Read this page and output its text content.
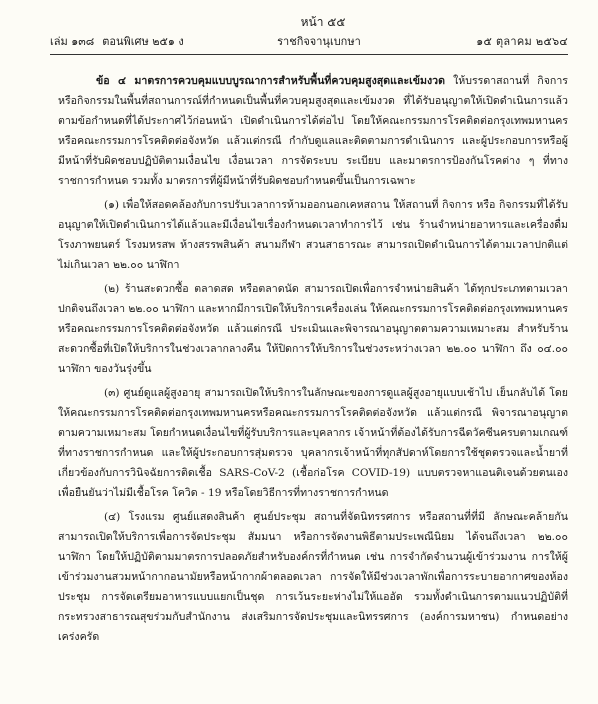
หน้า ๕๕
เล่ม ๑๓๘ ตอนพิเศษ ๒๕๑ ง	ราชกิจจานุเบกษา	๑๕ ตุลาคม ๒๕๖๔

ข้อ ๔ มาตรการควบคุมแบบบูรณาการสำหรับพื้นที่ควบคุมสูงสุดและเข้มงวด ให้บรรดาสถานที่ กิจการ หรือกิจกรรมในพื้นที่สถานการณ์ที่กำหนดเป็นพื้นที่ควบคุมสูงสุดและเข้มงวด ที่ได้รับอนุญาตให้เปิดดำเนินการแล้วตามข้อกำหนดที่ได้ประกาศไว้ก่อนหน้า เปิดดำเนินการได้ต่อไป โดยให้คณะกรรมการโรคติดต่อกรุงเทพมหานครหรือคณะกรรมการโรคติดต่อจังหวัด แล้วแต่กรณี กำกับดูแลและติดตามการดำเนินการ และผู้ประกอบการหรือผู้มีหน้าที่รับผิดชอบปฏิบัติตามเงื่อนไข เงื่อนเวลา การจัดระบบ ระเบียบ และมาตรการป้องกันโรคต่าง ๆ ที่ทางราชการกำหนด รวมทั้ง มาตรการที่ผู้มีหน้าที่รับผิดชอบกำหนดขึ้นเป็นการเฉพาะ

(๑) เพื่อให้สอดคล้องกับการปรับเวลาการห้ามออกนอกเคหสถาน ให้สถานที่ กิจการ หรือ กิจกรรมที่ได้รับอนุญาตให้เปิดดำเนินการได้แล้วและมีเงื่อนไขเรื่องกำหนดเวลาทำการไว้ เช่น ร้านจำหน่ายอาหารและเครื่องดื่ม โรงภาพยนตร์ โรงมหรสพ ห้างสรรพสินค้า สนามกีฬา สวนสาธารณะ สามารถเปิดดำเนินการได้ตามเวลาปกติแต่ไม่เกินเวลา ๒๒.๐๐ นาฬิกา

(๒) ร้านสะดวกซื้อ ตลาดสด หรือตลาดนัด สามารถเปิดเพื่อการจำหน่ายสินค้า ได้ทุกประเภทตามเวลาปกติจนถึงเวลา ๒๒.๐๐ นาฬิกา และหากมีการเปิดให้บริการเครื่องเล่น ให้คณะกรรมการโรคติดต่อกรุงเทพมหานครหรือคณะกรรมการโรคติดต่อจังหวัด แล้วแต่กรณี ประเมินและพิจารณาอนุญาตตามความเหมาะสม สำหรับร้านสะดวกซื้อที่เปิดให้บริการในช่วงเวลากลางคืน ให้ปิดการให้บริการในช่วงระหว่างเวลา ๒๒.๐๐ นาฬิกา ถึง ๐๔.๐๐ นาฬิกา ของวันรุ่งขึ้น

(๓) ศูนย์ดูแลผู้สูงอายุ สามารถเปิดให้บริการในลักษณะของการดูแลผู้สูงอายุแบบเช้าไป เย็นกลับได้ โดยให้คณะกรรมการโรคติดต่อกรุงเทพมหานครหรือคณะกรรมการโรคติดต่อจังหวัด แล้วแต่กรณี พิจารณาอนุญาตตามความเหมาะสม โดยกำหนดเงื่อนไขที่ผู้รับบริการและบุคลากร เจ้าหน้าที่ต้องได้รับการฉีดวัคซีนครบตามเกณฑ์ที่ทางราชการกำหนด และให้ผู้ประกอบการสุ่มตรวจ บุคลากรเจ้าหน้าที่ทุกสัปดาห์โดยการใช้ชุดตรวจและน้ำยาที่เกี่ยวข้องกับการวินิจฉัยการติดเชื้อ SARS-CoV-2 (เชื้อก่อโรค COVID-19) แบบตรวจหาแอนติเจนด้วยตนเอง เพื่อยืนยันว่าไม่มีเชื้อโรค โควิด - 19 หรือโดยวิธีการที่ทางราชการกำหนด

(๔) โรงแรม ศูนย์แสดงสินค้า ศูนย์ประชุม สถานที่จัดนิทรรศการ หรือสถานที่ที่มี ลักษณะคล้ายกัน สามารถเปิดให้บริการเพื่อการจัดประชุม สัมมนา หรือการจัดงานพิธีตามประเพณีนิยม ได้จนถึงเวลา ๒๒.๐๐ นาฬิกา โดยให้ปฏิบัติตามมาตรการปลอดภัยสำหรับองค์กรที่กำหนด เช่น การจำกัดจำนวนผู้เข้าร่วมงาน การให้ผู้เข้าร่วมงานสวมหน้ากากอนามัยหรือหน้ากากผ้าตลอดเวลา การจัดให้มีช่วงเวลาพักเพื่อการระบายอากาศของห้องประชุม การจัดเตรียมอาหารแบบแยกเป็นชุด การเว้นระยะห่างไม่ให้แออัด รวมทั้งดำเนินการตามแนวปฏิบัติที่กระทรวงสาธารณสุขร่วมกับสำนักงาน ส่งเสริมการจัดประชุมและนิทรรศการ (องค์การมหาชน) กำหนดอย่างเคร่งครัด
